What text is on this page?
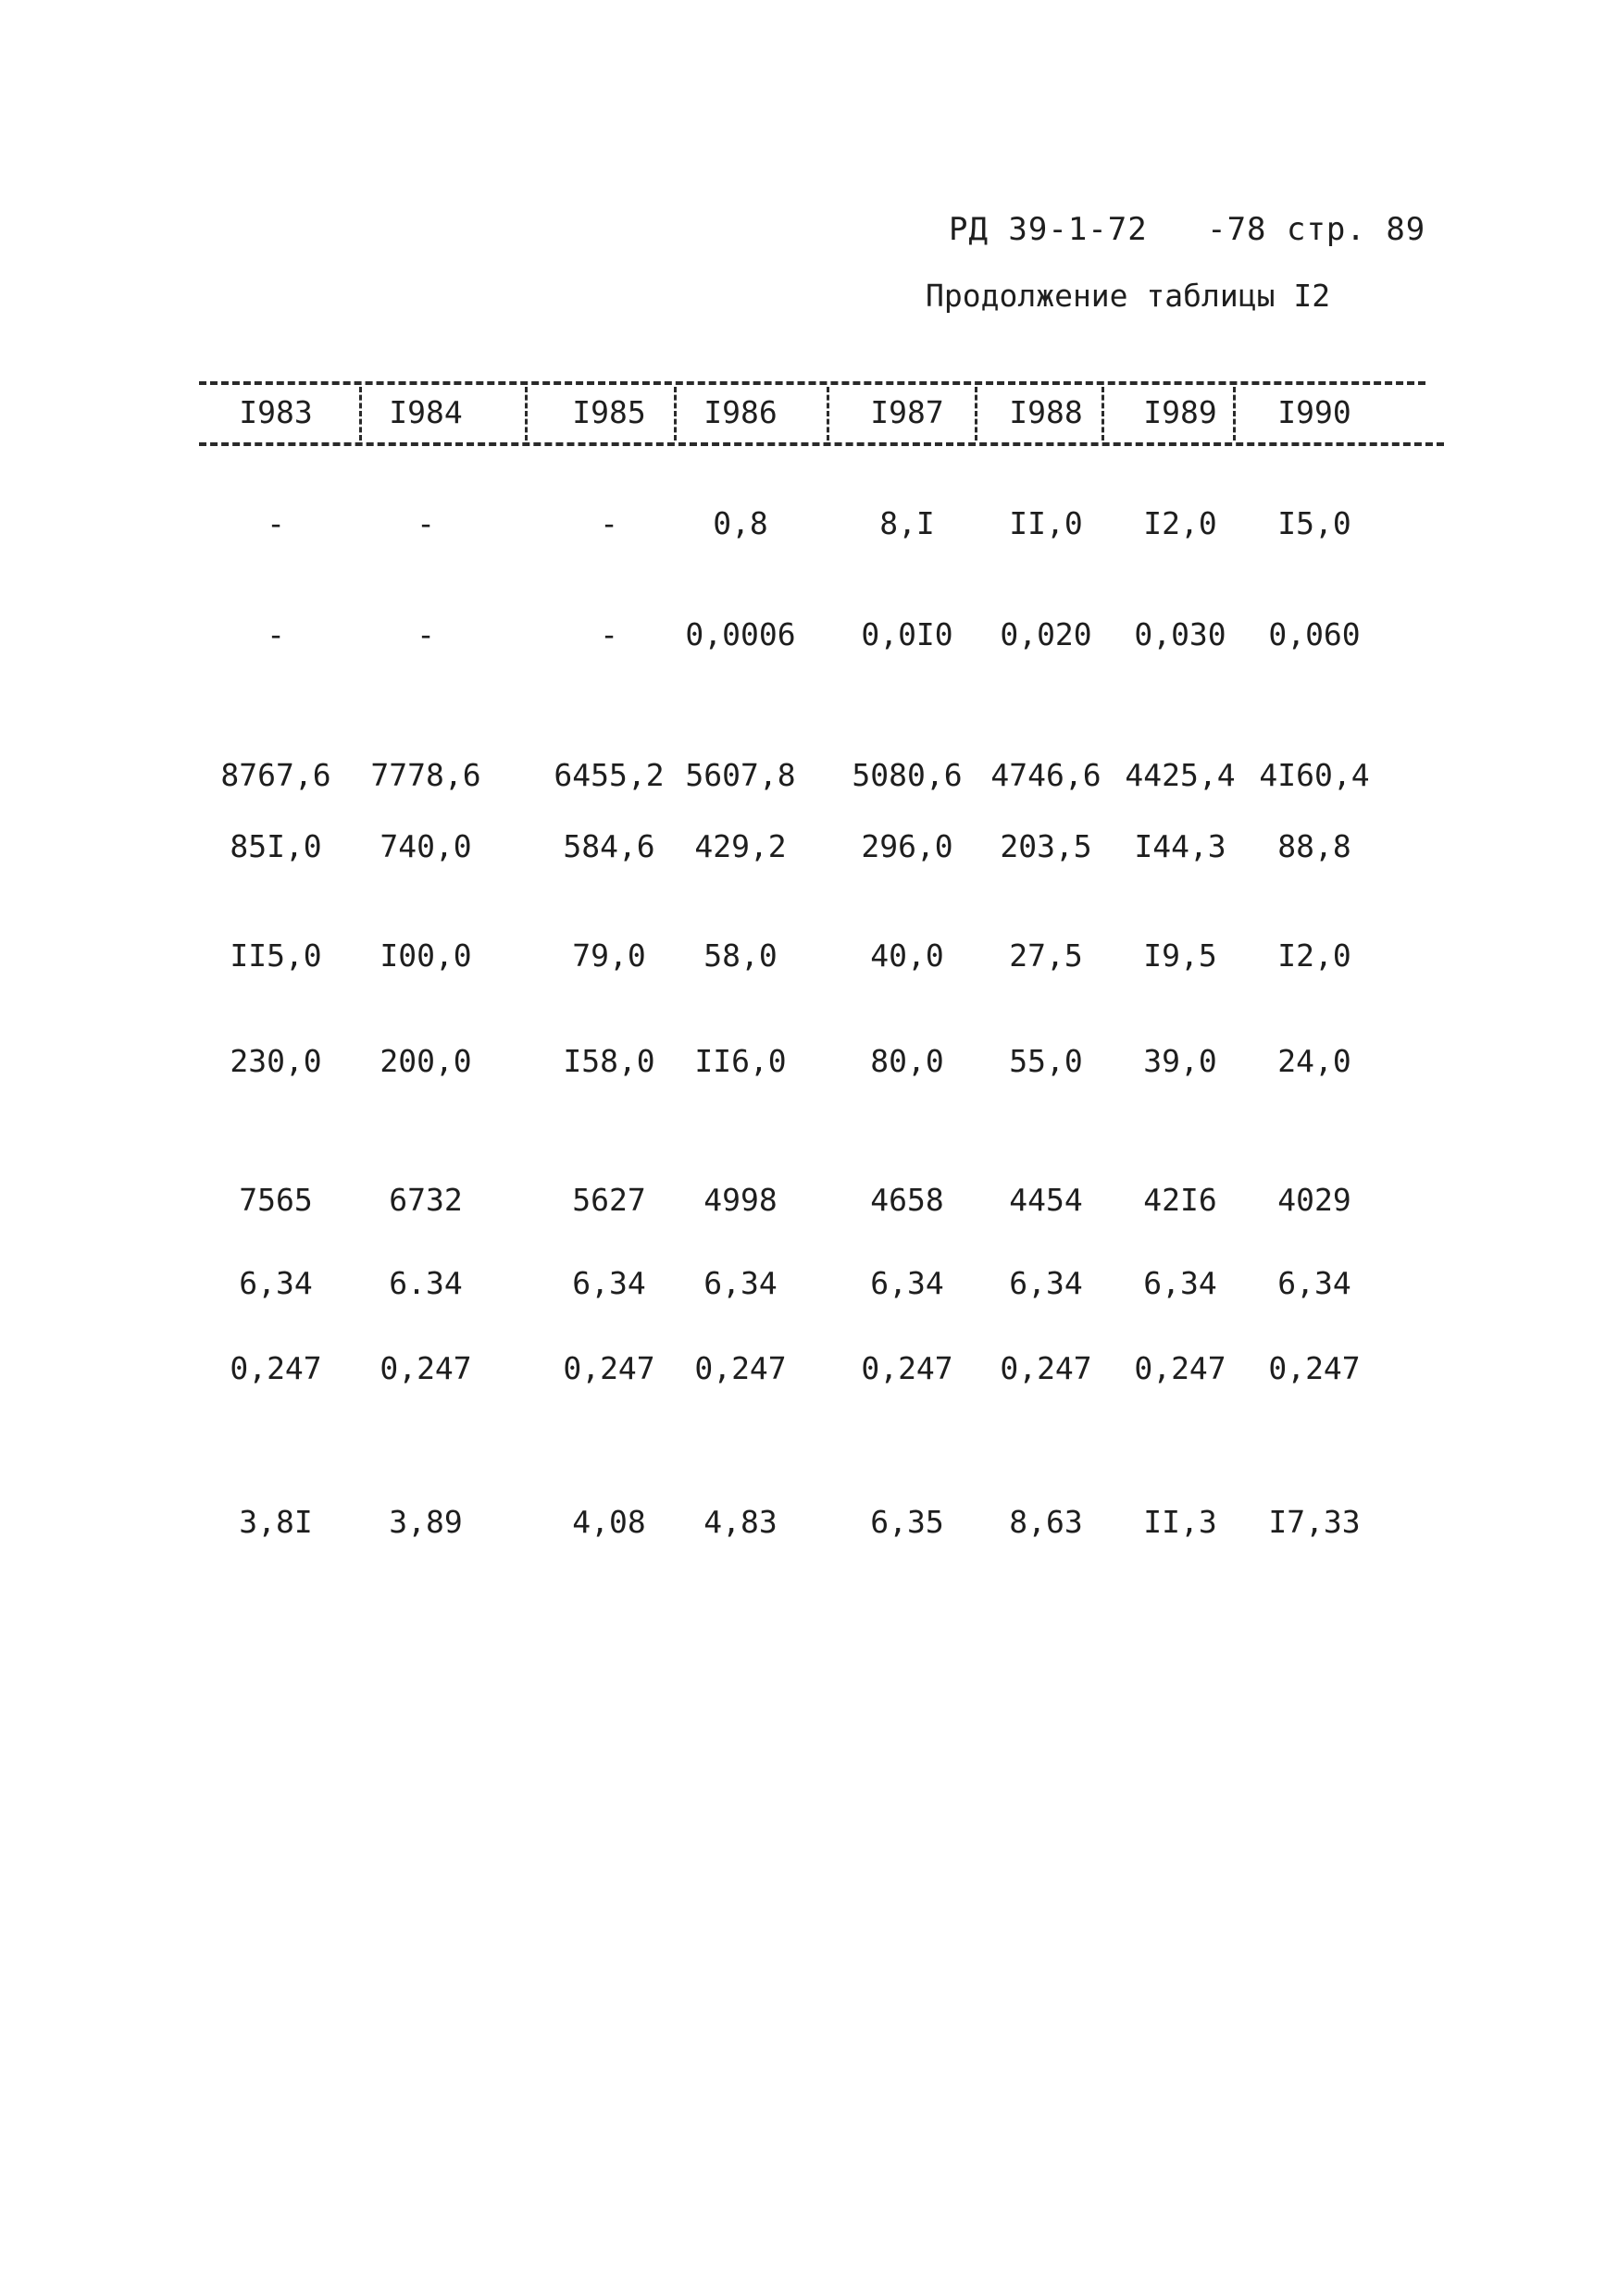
РД 39-1-72   -78 стр. 89
Продолжение таблицы I2
I983	I984	I985 I986	I987 I988 I989 I990
-	-	-	0,8	8,I II,0 I2,0 I5,0
-	-	- 0,0006 0,0I0 0,020 0,030 0,060
8767,6 7778,6 6455,2 5607,8 5080,6 4746,6 4425,4 4I60,4
85I,0 740,0	584,6 429,2 296,0 203,5 I44,3 88,8
II5,0 I00,0	79,0 58,0	40,0 27,5 I9,5 I2,0
230,0 200,0	I58,0 II6,0	80,0 55,0 39,0 24,0
7565	6732	5627 4998	4658 4454 42I6 4029
6,34	6.34	6,34 6,34	6,34 6,34 6,34 6,34
0,247 0,247	0,247 0,247 0,247 0,247 0,247 0,247
3,8I	3,89	4,08 4,83	6,35 8,63 II,3 I7,33
